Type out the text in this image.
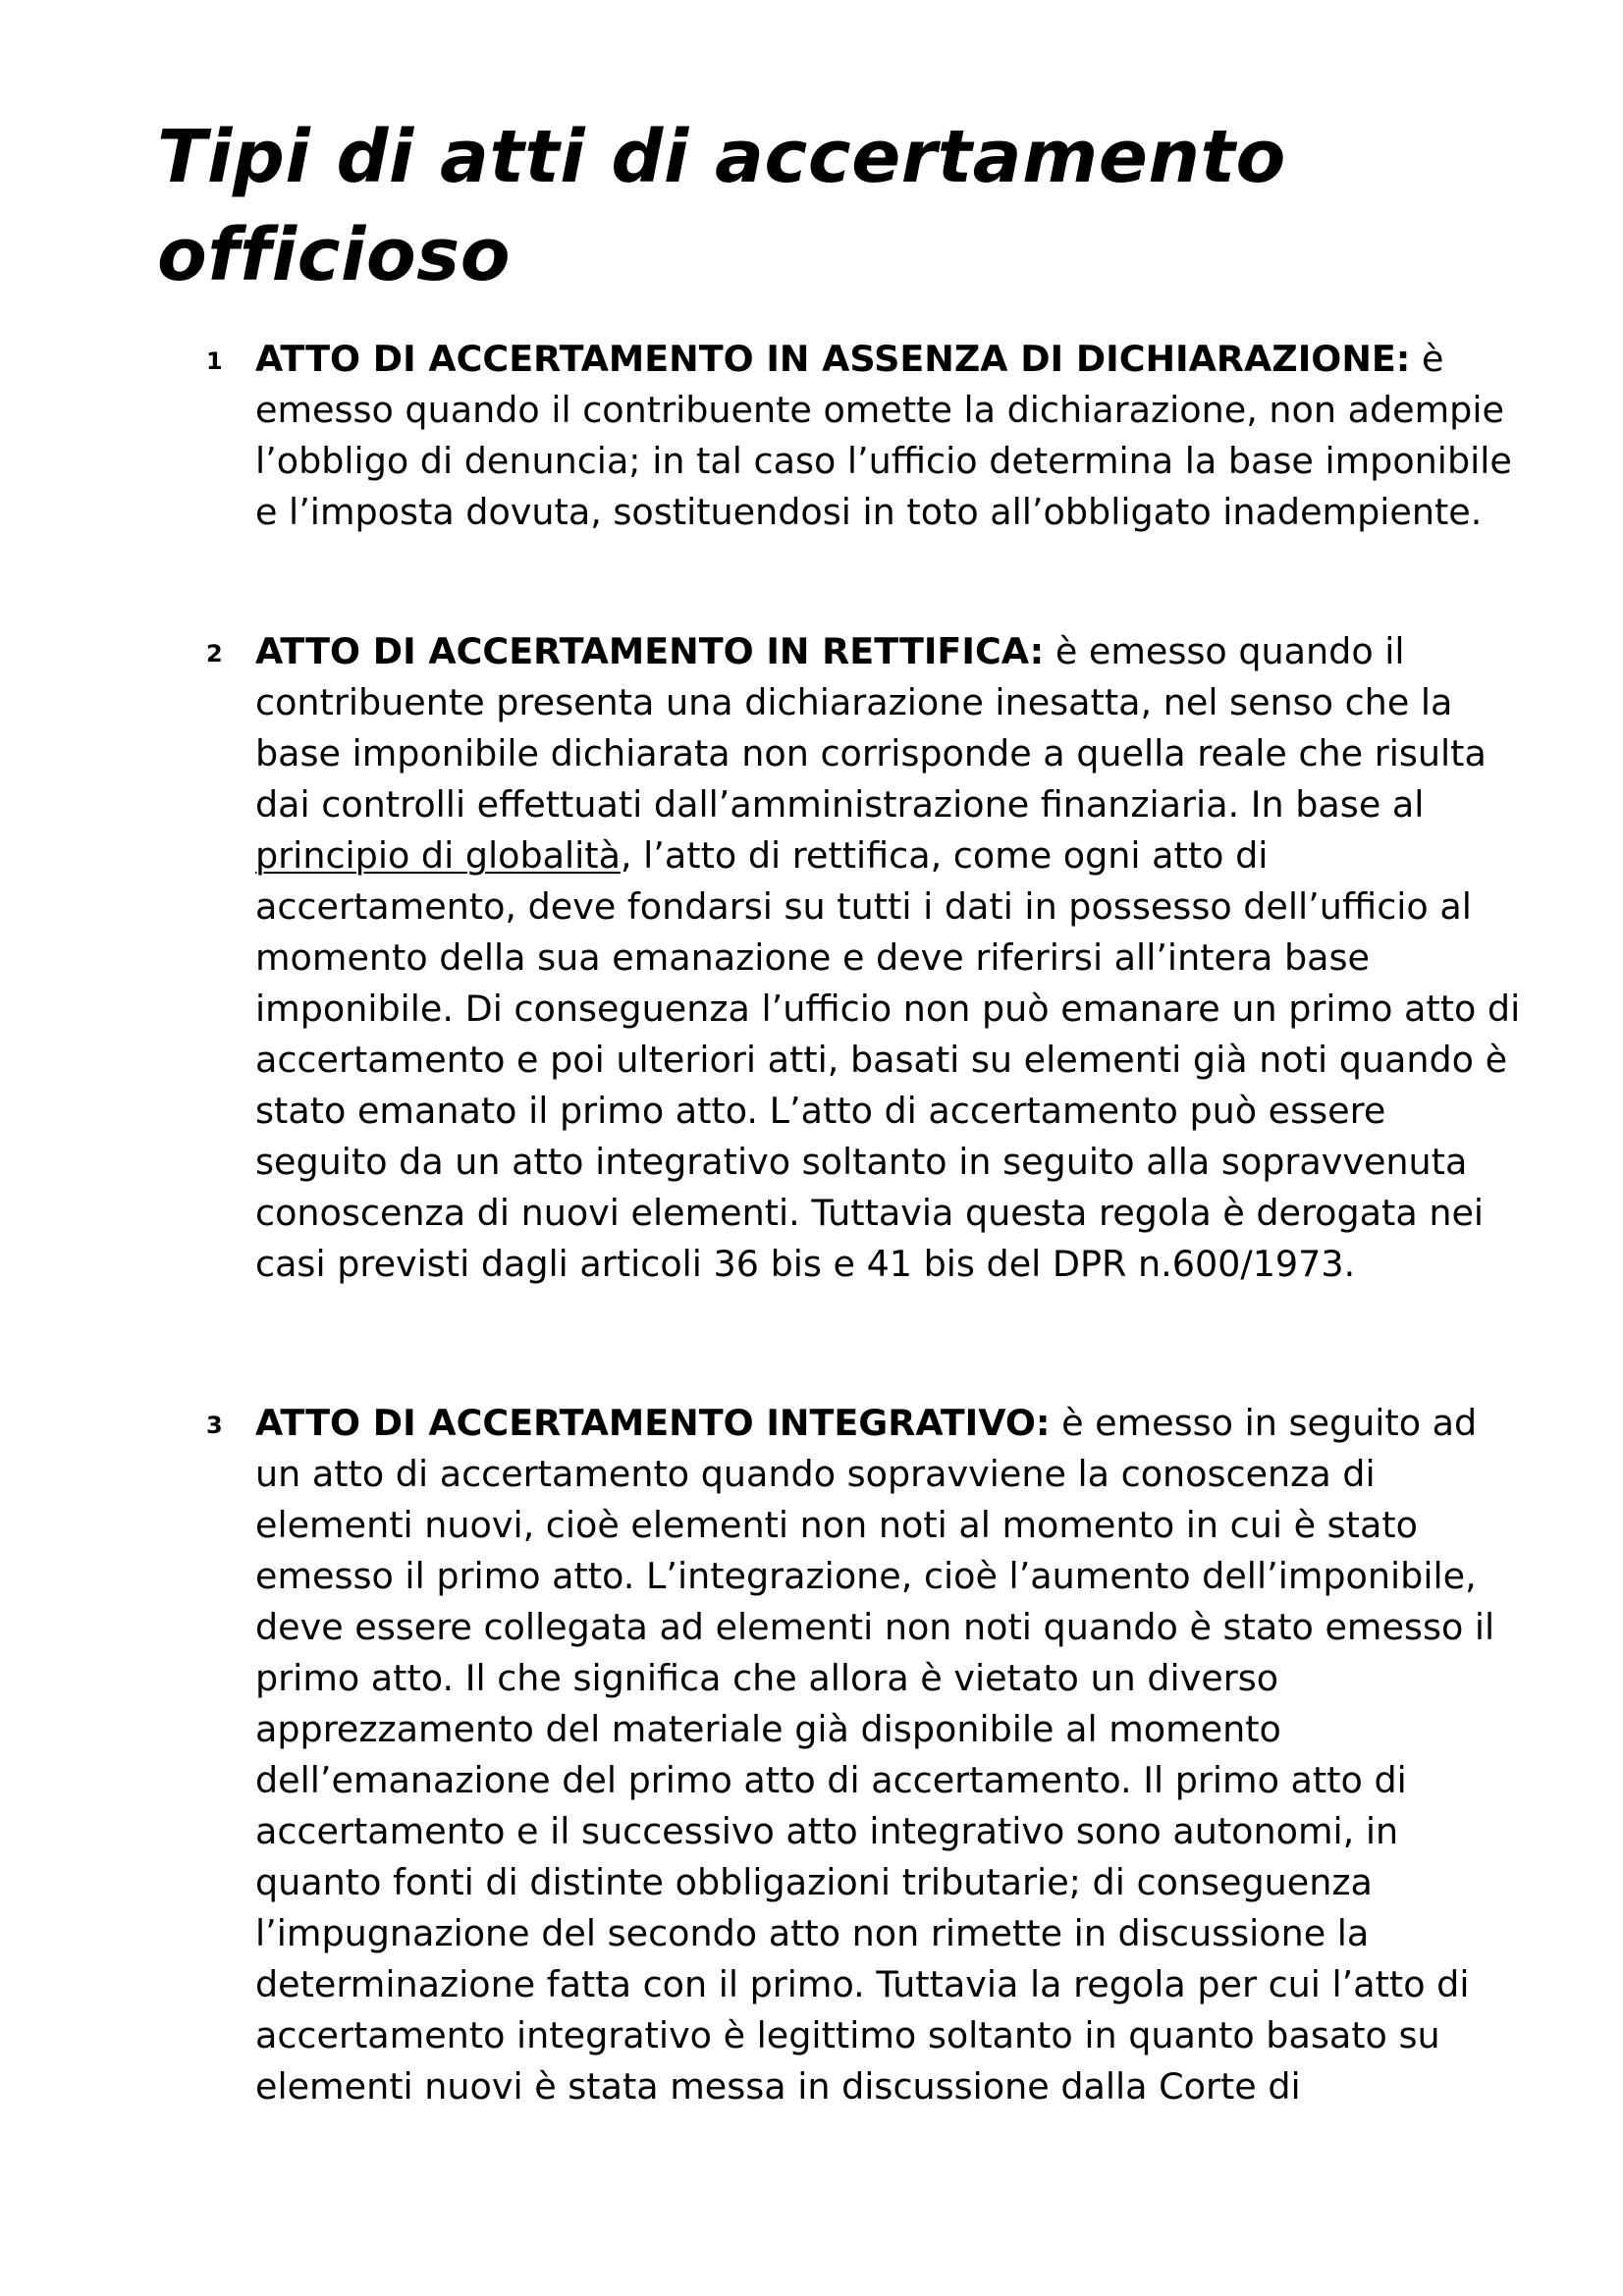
Tipi di atti di accertamento officioso
1 ATTO DI ACCERTAMENTO IN ASSENZA DI DICHIARAZIONE: è emesso quando il contribuente omette la dichiarazione, non adempie l’obbligo di denuncia; in tal caso l’ufficio determina la base imponibile e l’imposta dovuta, sostituendosi in toto all’obbligato inadempiente.

2 ATTO DI ACCERTAMENTO IN RETTIFICA: è emesso quando il contribuente presenta una dichiarazione inesatta, nel senso che la base imponibile dichiarata non corrisponde a quella reale che risulta dai controlli effettuati dall’amministrazione finanziaria. In base al principio di globalità, l’atto di rettifica, come ogni atto di accertamento, deve fondarsi su tutti i dati in possesso dell’ufficio al momento della sua emanazione e deve riferirsi all’intera base imponibile. Di conseguenza l’ufficio non può emanare un primo atto di accertamento e poi ulteriori atti, basati su elementi già noti quando è stato emanato il primo atto. L’atto di accertamento può essere seguito da un atto integrativo soltanto in seguito alla sopravvenuta conoscenza di nuovi elementi. Tuttavia questa regola è derogata nei casi previsti dagli articoli 36 bis e 41 bis del DPR n.600/1973.

3 ATTO DI ACCERTAMENTO INTEGRATIVO: è emesso in seguito ad un atto di accertamento quando sopravviene la conoscenza di elementi nuovi, cioè elementi non noti al momento in cui è stato emesso il primo atto. L’integrazione, cioè l’aumento dell’imponibile, deve essere collegata ad elementi non noti quando è stato emesso il primo atto. Il che significa che allora è vietato un diverso apprezzamento del materiale già disponibile al momento dell’emanazione del primo atto di accertamento. Il primo atto di accertamento e il successivo atto integrativo sono autonomi, in quanto fonti di distinte obbligazioni tributarie; di conseguenza l’impugnazione del secondo atto non rimette in discussione la determinazione fatta con il primo. Tuttavia la regola per cui l’atto di accertamento integrativo è legittimo soltanto in quanto basato su elementi nuovi è stata messa in discussione dalla Corte di
